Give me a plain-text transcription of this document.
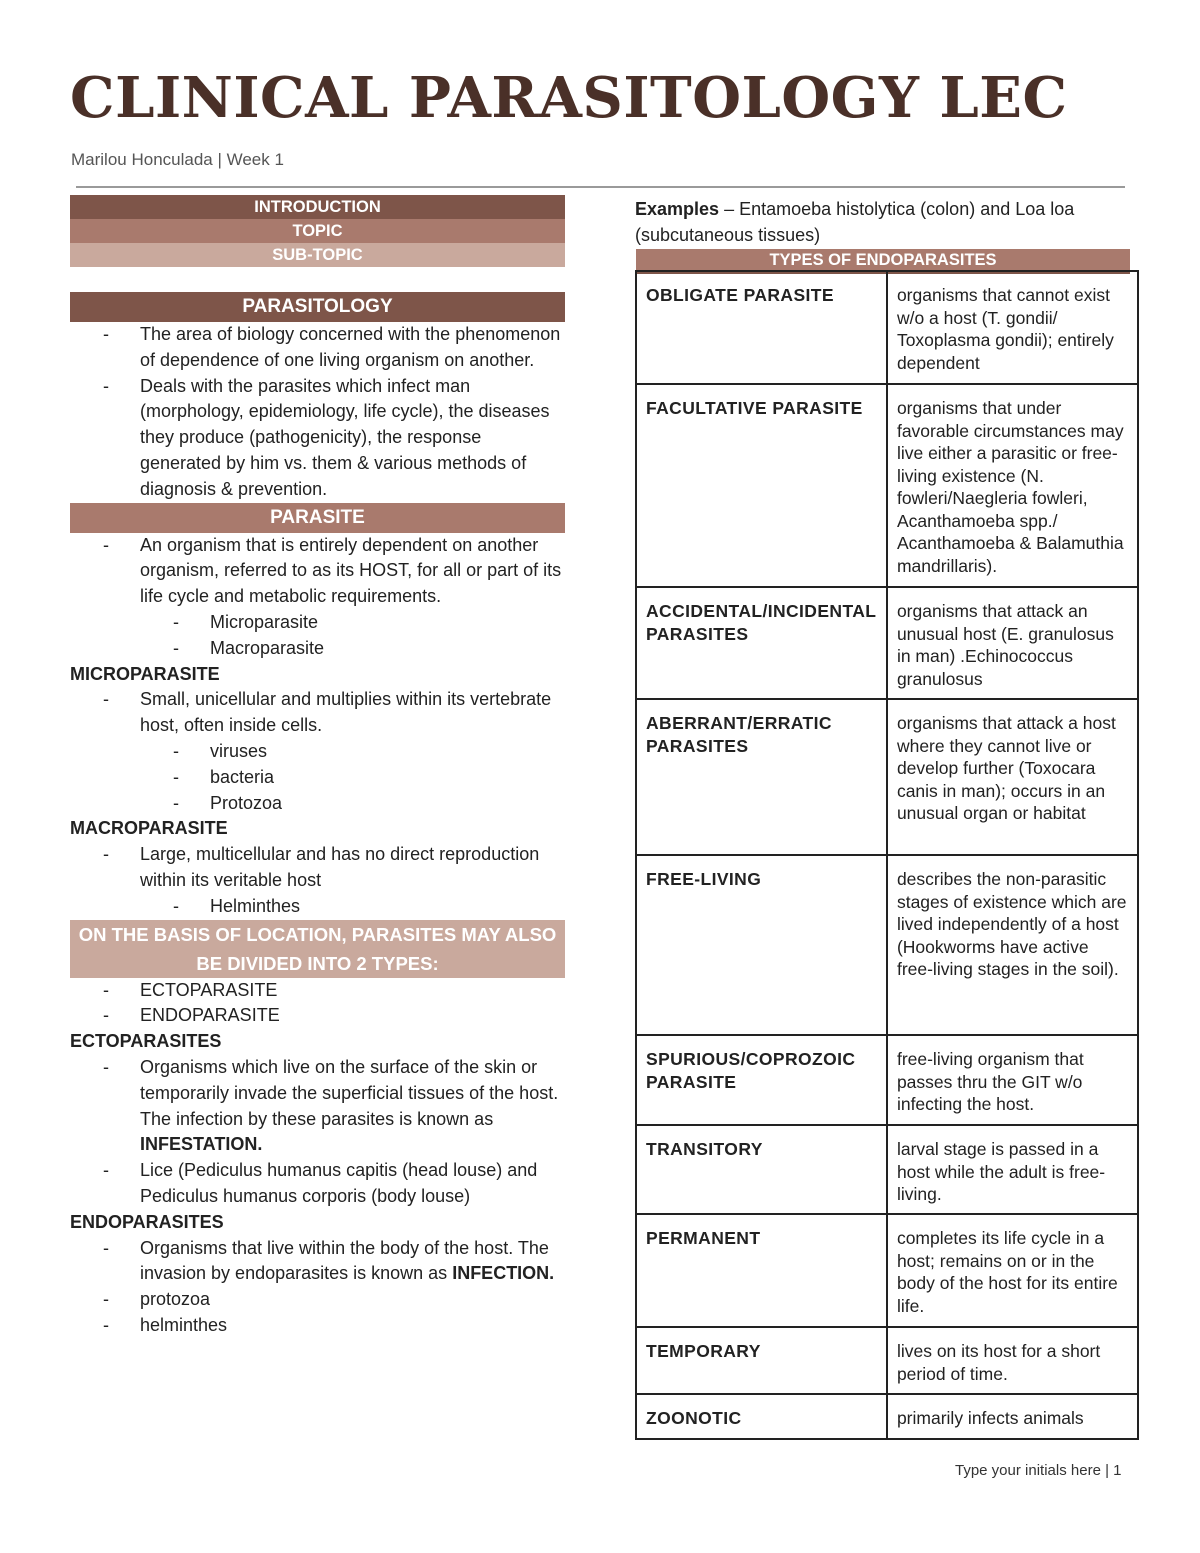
CLINICAL PARASITOLOGY LEC
Marilou Honculada | Week 1
INTRODUCTION
TOPIC
SUB-TOPIC
PARASITOLOGY
- The area of biology concerned with the phenomenon of dependence of one living organism on another.
- Deals with the parasites which infect man (morphology, epidemiology, life cycle), the diseases they produce (pathogenicity), the response generated by him vs. them & various methods of diagnosis & prevention.
PARASITE
- An organism that is entirely dependent on another organism, referred to as its HOST, for all or part of its life cycle and metabolic requirements.
- Microparasite
- Macroparasite
MICROPARASITE
- Small, unicellular and multiplies within its vertebrate host, often inside cells.
- viruses
- bacteria
- Protozoa
MACROPARASITE
- Large, multicellular and has no direct reproduction within its veritable host
- Helminthes
ON THE BASIS OF LOCATION, PARASITES MAY ALSO BE DIVIDED INTO 2 TYPES:
- ECTOPARASITE
- ENDOPARASITE
ECTOPARASITES
- Organisms which live on the surface of the skin or temporarily invade the superficial tissues of the host. The infection by these parasites is known as INFESTATION.
- Lice (Pediculus humanus capitis (head louse) and Pediculus humanus corporis (body louse)
ENDOPARASITES
- Organisms that live within the body of the host. The invasion by endoparasites is known as INFECTION.
- protozoa
- helminthes
Examples – Entamoeba histolytica (colon) and Loa loa (subcutaneous tissues)
TYPES OF ENDOPARASITES
OBLIGATE PARASITE	organisms that cannot exist w/o a host (T. gondii/ Toxoplasma gondii); entirely dependent
FACULTATIVE PARASITE	organisms that under favorable circumstances may live either a parasitic or free-living existence (N. fowleri/Naegleria fowleri, Acanthamoeba spp./ Acanthamoeba & Balamuthia mandrillaris).
ACCIDENTAL/INCIDENTAL PARASITES	organisms that attack an unusual host (E. granulosus in man) .Echinococcus granulosus
ABERRANT/ERRATIC PARASITES	organisms that attack a host where they cannot live or develop further (Toxocara canis in man); occurs in an unusual organ or habitat
FREE-LIVING	describes the non-parasitic stages of existence which are lived independently of a host (Hookworms have active free-living stages in the soil).
SPURIOUS/COPROZOIC PARASITE	free-living organism that passes thru the GIT w/o infecting the host.
TRANSITORY	larval stage is passed in a host while the adult is free-living.
PERMANENT	completes its life cycle in a host; remains on or in the body of the host for its entire life.
TEMPORARY	lives on its host for a short period of time.
ZOONOTIC	primarily infects animals
Type your initials here | 1
